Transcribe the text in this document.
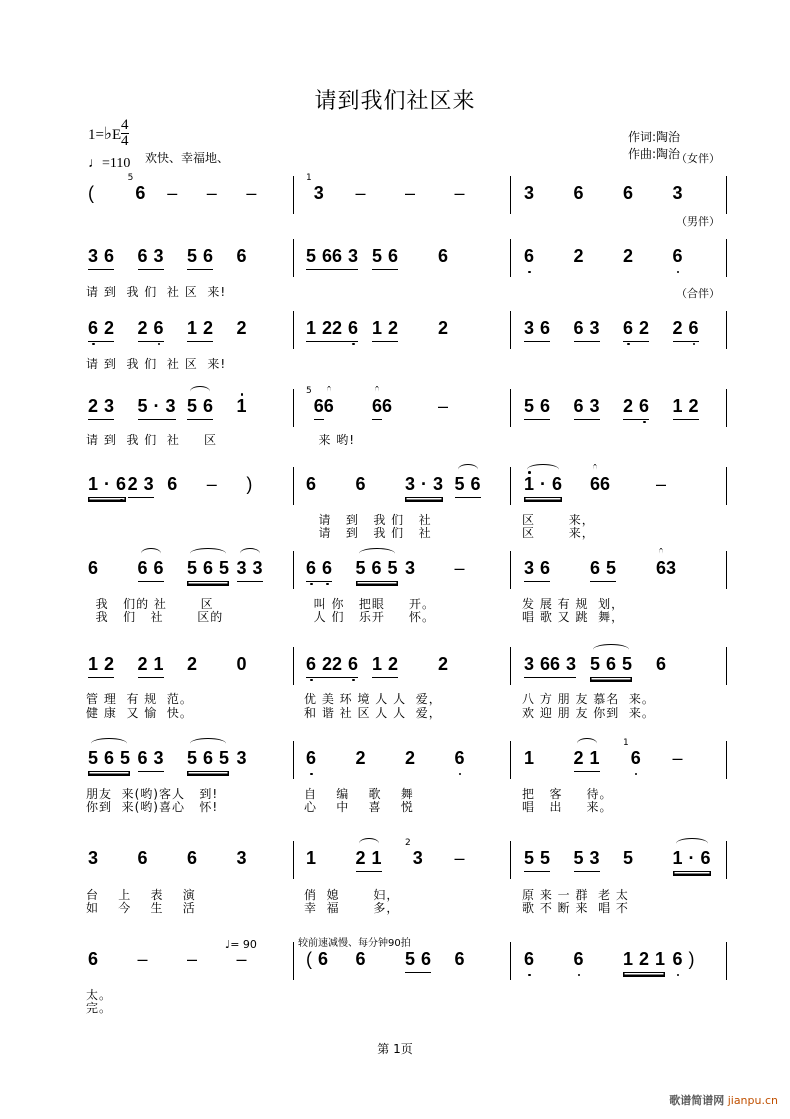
请到我们社区来
1=♭E
4
4
♩=110 欢快、幸福地、
作词:陶治
作曲:陶治
(
5
6 – – –
1
3 – – –	3 6 6 3
（女伴）
3 6 6 3 5 6 6	5 6 6 3 5 6 6	6 2 2 6
（男伴）
请 到  我 们  社 区  来!
6 2 2 6 1 2 2	1 2 2 6 1 2 2	3 6 6 3 6 2 2 6
（合伴）
请 到  我 们  社 区  来!
2 3 5 · 3 5 6 1
5
6 6 6 6	–	5 6 6 3 2 6 1 2
请 到  我 们  社     区	来 哟!
1 · 6 2 3 6 – )	6 6 3 · 3 5 6 1 · 6 6 6	–
请   到   我 们   社	区       来，
请   到   我 们   社	区       来，
6 6 6 5 6 5 3 3 6 6 5 6 5 3 –	3 6 6 5 6 3
我   们的 社       区	叫 你   把眼     开。	发 展 有 规  划，
我   们   社       区的	人 们   乐开     怀。	唱 歌 又 跳  舞，
1 2 2 1 2 0	6 2 2 6 1 2 2	3 6 6 3 5 6 5 6
管 理  有 规  范。	优 美 环 境 人 人  爱，	八 方 朋 友 慕名  来。
健 康  又 愉  快。	和 谐 社 区 人 人  爱，	欢 迎 朋 友 你到  来。
5 6 5 6 3 5 6 5 3	6 2 2 6	1 2 1
1
6 –
朋友  来(哟)客人   到!	自    编    歌    舞	把   客     待。
你到  来(哟)喜心   怀!	心    中    喜    悦	唱   出     来。
3 6 6 3	1 2 1
2
3 –	5 5 5 3 5 1 · 6
台    上    表    演	俏  媳       妇，	原 来 一 群  老 太
如    今    生    活	幸  福       多，	歌 不 断 来  唱 不
6 – – –	( 6 6 5 6 6	6 6 1 2 1 6 )
♩= 90	较前速减慢、每分钟90拍
太。
完。
第 1页
歌谱简谱网 jianpu.cn
